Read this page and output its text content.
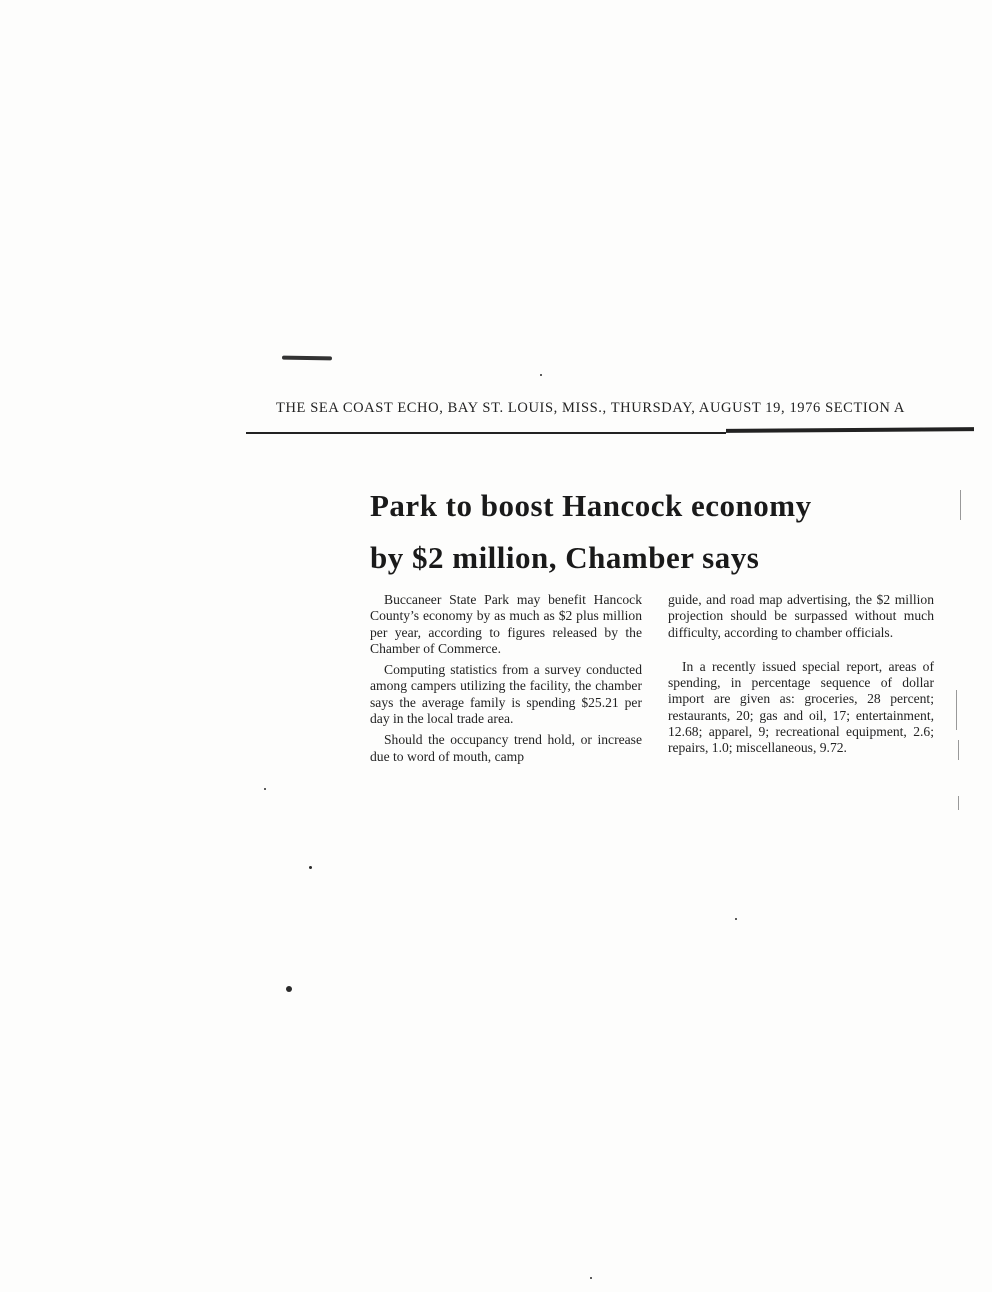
THE SEA COAST ECHO, BAY ST. LOUIS, MISS., THURSDAY, AUGUST 19, 1976 SECTION A
Park to boost Hancock economy
by $2 million, Chamber says

Buccaneer State Park may benefit Hancock County’s economy by as much as $2 plus million per year, according to figures released by the Chamber of Commerce.

Computing statistics from a survey conducted among campers utilizing the facility, the chamber says the average family is spending $25.21 per day in the local trade area.

Should the occupancy trend hold, or increase due to word of mouth, camp

guide, and road map advertising, the $2 million projection should be surpassed without much difficulty, according to chamber officials.

In a recently issued special report, areas of spending, in percentage sequence of dollar import are given as: groceries, 28 percent; restaurants, 20; gas and oil, 17; entertainment, 12.68; apparel, 9; recreational equipment, 2.6; repairs, 1.0; miscellaneous, 9.72.
